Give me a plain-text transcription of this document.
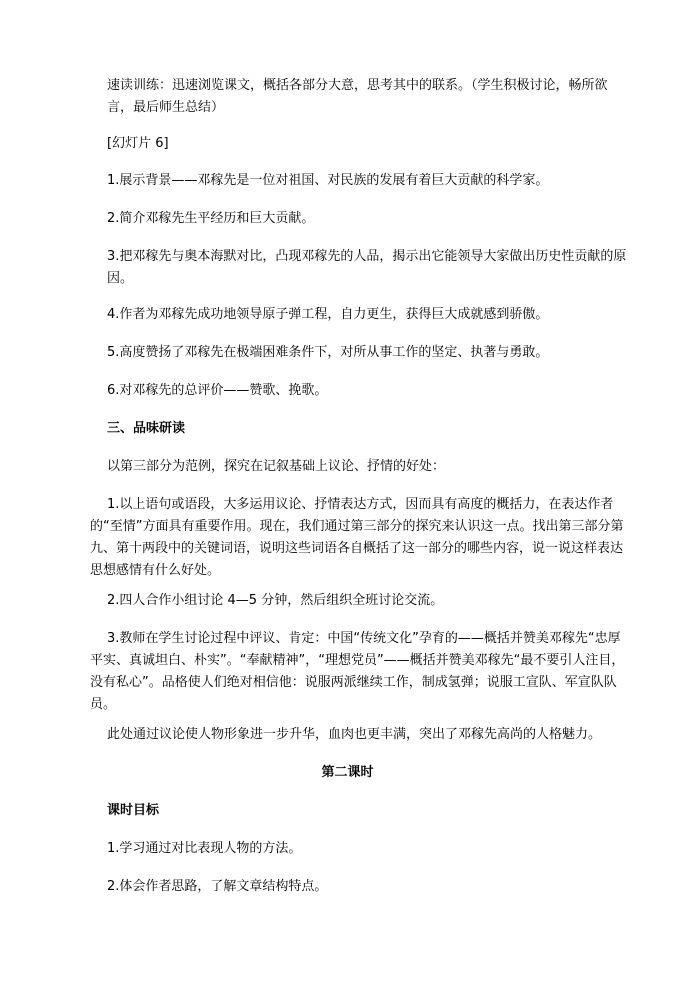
速读训练：迅速浏览课文，概括各部分大意，思考其中的联系。（学生积极讨论，畅所欲言，最后师生总结）

[幻灯片 6]

1.展示背景——邓稼先是一位对祖国、对民族的发展有着巨大贡献的科学家。

2.简介邓稼先生平经历和巨大贡献。

3.把邓稼先与奥本海默对比，凸现邓稼先的人品，揭示出它能领导大家做出历史性贡献的原因。

4.作者为邓稼先成功地领导原子弹工程，自力更生，获得巨大成就感到骄傲。

5.高度赞扬了邓稼先在极端困难条件下，对所从事工作的坚定、执著与勇敢。

6.对邓稼先的总评价——赞歌、挽歌。

三、品味研读

以第三部分为范例，探究在记叙基础上议论、抒情的好处：

1.以上语句或语段，大多运用议论、抒情表达方式，因而具有高度的概括力，在表达作者的“至情”方面具有重要作用。现在，我们通过第三部分的探究来认识这一点。找出第三部分第九、第十两段中的关键词语，说明这些词语各自概括了这一部分的哪些内容，说一说这样表达思想感情有什么好处。

2.四人合作小组讨论 4—5 分钟，然后组织全班讨论交流。

3.教师在学生讨论过程中评议、肯定：中国“传统文化”孕育的——概括并赞美邓稼先“忠厚平实、真诚坦白、朴实”。“奉献精神”，“理想党员”——概括并赞美邓稼先“最不要引人注目，没有私心”。品格使人们绝对相信他：说服两派继续工作，制成氢弹；说服工宣队、军宣队队员。

此处通过议论使人物形象进一步升华，血肉也更丰满，突出了邓稼先高尚的人格魅力。

第二课时

课时目标

1.学习通过对比表现人物的方法。

2.体会作者思路，了解文章结构特点。
